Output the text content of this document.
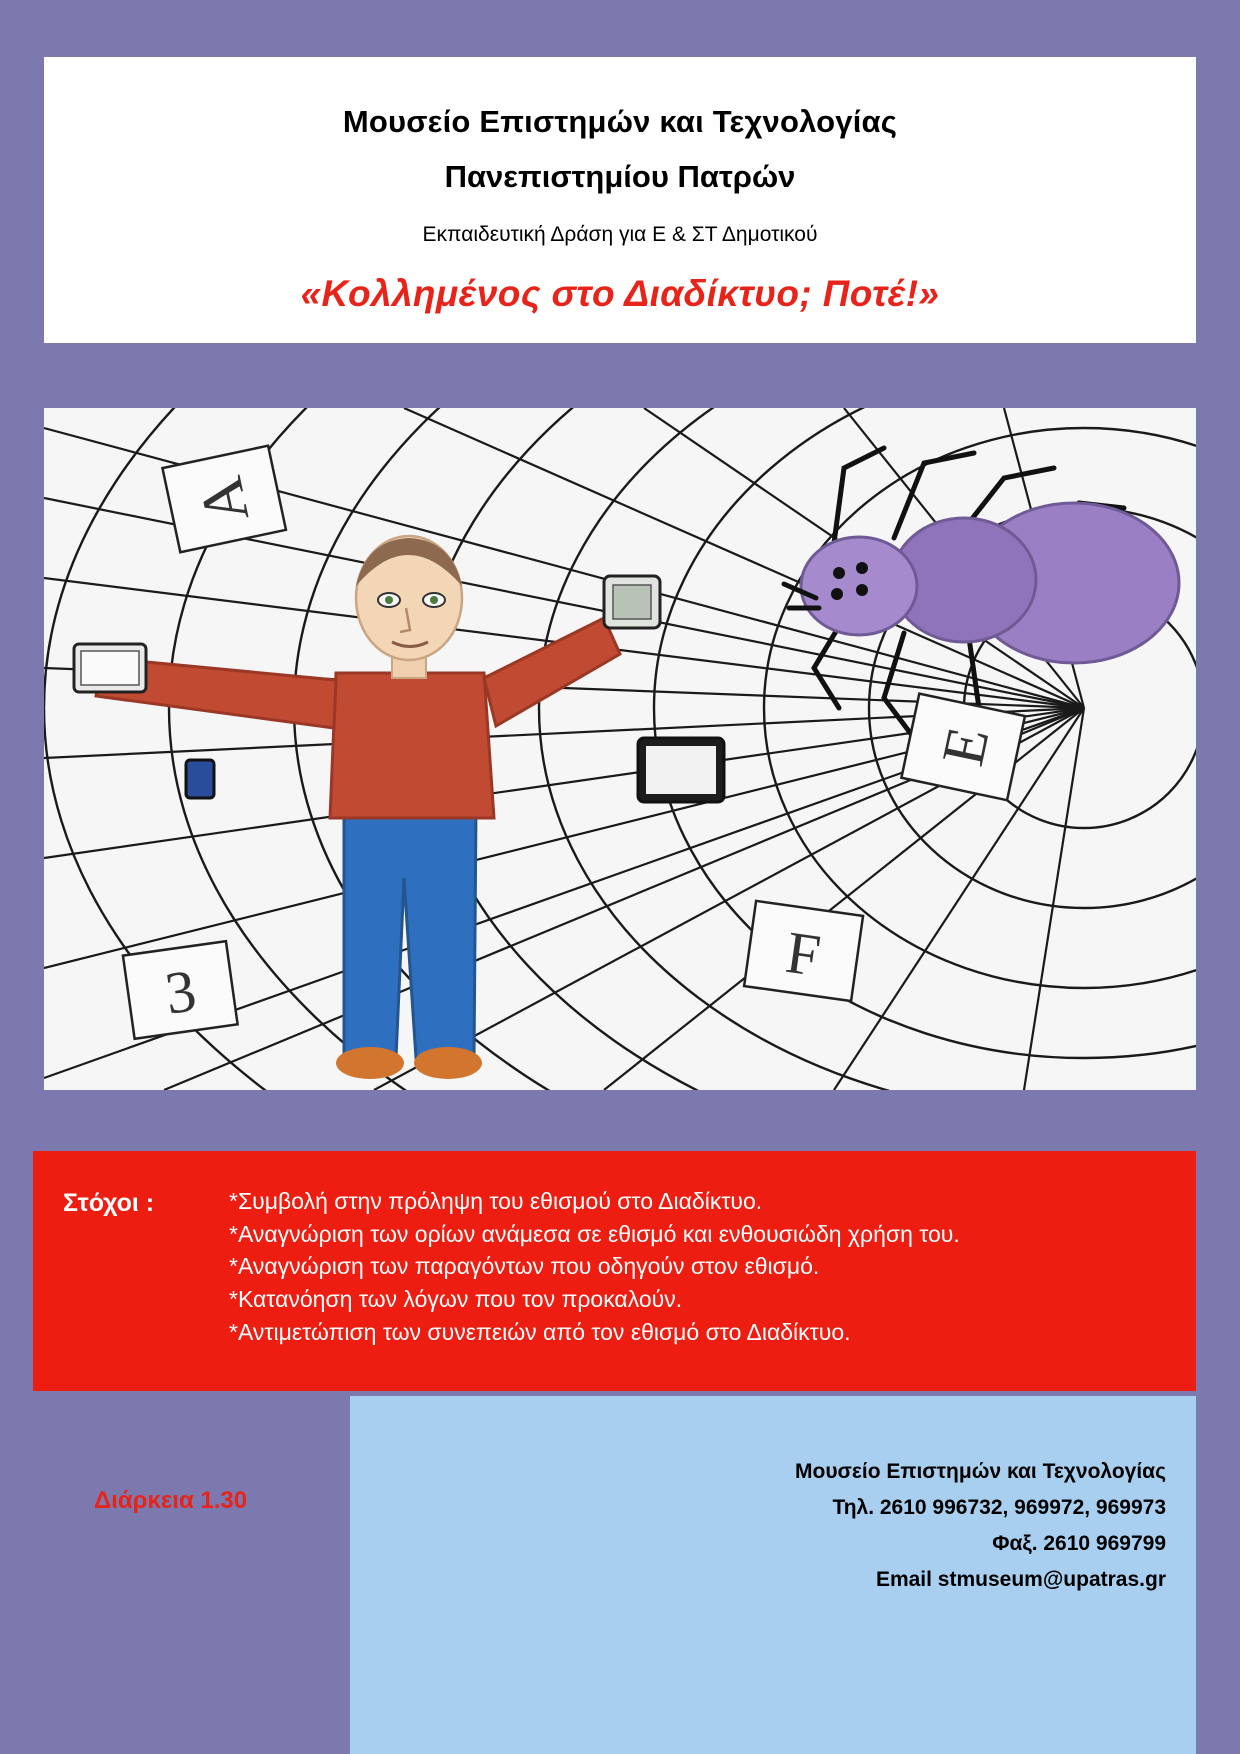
Μουσείο Επιστημών και Τεχνολογίας
Πανεπιστημίου Πατρών
Εκπαιδευτική Δράση για Ε & ΣΤ Δημοτικού
«Κολλημένος στο Διαδίκτυο; Ποτέ!»
A
E
3
F
Στόχοι :	*Συμβολή στην πρόληψη του εθισμού στο Διαδίκτυο.
*Αναγνώριση των ορίων ανάμεσα σε εθισμό και ενθουσιώδη χρήση του.
*Αναγνώριση των παραγόντων που οδηγούν στον εθισμό.
*Κατανόηση των λόγων που τον προκαλούν.
*Αντιμετώπιση των συνεπειών από τον εθισμό στο Διαδίκτυο.
Μουσείο Επιστημών και Τεχνολογίας
Τηλ. 2610 996732, 969972, 969973
Φαξ. 2610 969799
Email stmuseum@upatras.gr
Διάρκεια 1.30
